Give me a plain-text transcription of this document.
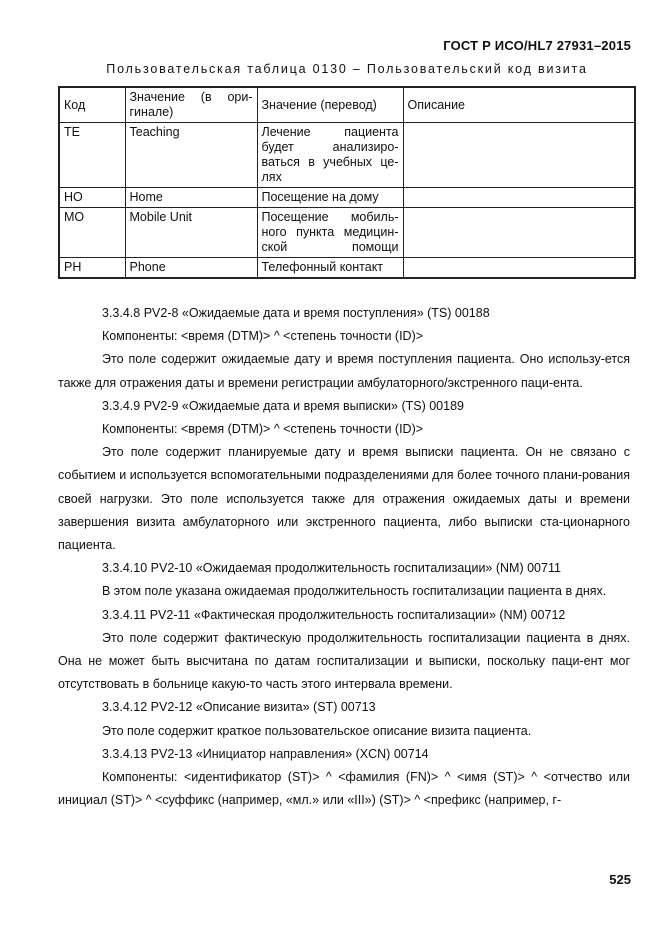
ГОСТ Р ИСО/HL7 27931–2015
Пользовательская таблица 0130 – Пользовательский код визита
Код	Значение (в ори-гинале)	Значение (перевод)	Описание
TE	Teaching	Лечение пациента будет анализиро-ваться в учебных це-лях	
HO	Home	Посещение на дому	
MO	Mobile Unit	Посещение мобиль-ного пункта медицин-ской помощи	
PH	Phone	Телефонный контакт	

3.3.4.8 PV2-8 «Ожидаемые дата и время поступления» (TS) 00188

Компоненты: <время (DTM)> ^ <степень точности (ID)>

Это поле содержит ожидаемые дату и время поступления пациента. Оно использу-ется также для отражения даты и времени регистрации амбулаторного/экстренного паци-ента.

3.3.4.9 PV2-9 «Ожидаемые дата и время выписки» (TS) 00189

Компоненты: <время (DTM)> ^ <степень точности (ID)>

Это поле содержит планируемые дату и время выписки пациента. Он не связано с событием и используется вспомогательными подразделениями для более точного плани-рования своей нагрузки. Это поле используется также для отражения ожидаемых даты и времени завершения визита амбулаторного или экстренного пациента, либо выписки ста-ционарного пациента.

3.3.4.10 PV2-10 «Ожидаемая продолжительность госпитализации» (NM) 00711

В этом поле указана ожидаемая продолжительность госпитализации пациента в днях.

3.3.4.11 PV2-11 «Фактическая продолжительность госпитализации» (NM) 00712

Это поле содержит фактическую продолжительность госпитализации пациента в днях. Она не может быть высчитана по датам госпитализации и выписки, поскольку паци-ент мог отсутствовать в больнице какую-то часть этого интервала времени.

3.3.4.12 PV2-12 «Описание визита» (ST) 00713

Это поле содержит краткое пользовательское описание визита пациента.

3.3.4.13 PV2-13 «Инициатор направления» (XCN) 00714

Компоненты: <идентификатор (ST)> ^ <фамилия (FN)> ^ <имя (ST)> ^ <отчество или инициал (ST)> ^ <суффикс (например, «мл.» или «III») (ST)> ^ <префикс (например, г-

525
